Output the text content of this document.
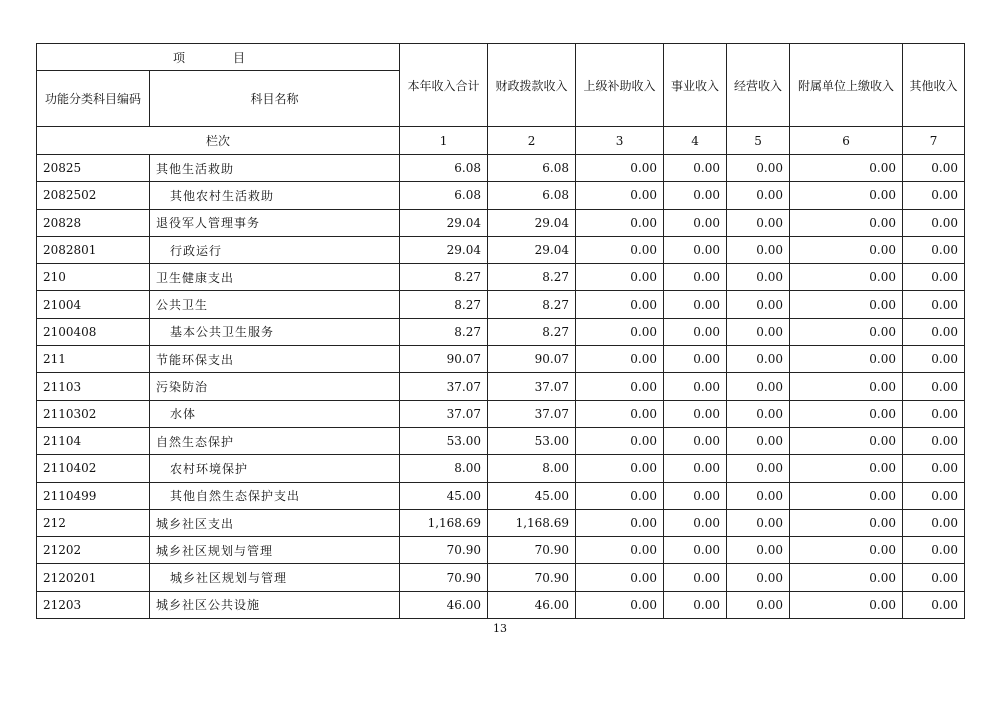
项　目		本年收入合计	财政拨款收入	上级补助收入	事业收入	经营收入	附属单位上缴收入	其他收入
功能分类科目编码	科目名称							
栏次		1	2	3	4	5	6	7
20825	其他生活救助	6.08	6.08	0.00	0.00	0.00	0.00	0.00
2082502	其他农村生活救助	6.08	6.08	0.00	0.00	0.00	0.00	0.00
20828	退役军人管理事务	29.04	29.04	0.00	0.00	0.00	0.00	0.00
2082801	行政运行	29.04	29.04	0.00	0.00	0.00	0.00	0.00
210	卫生健康支出	8.27	8.27	0.00	0.00	0.00	0.00	0.00
21004	公共卫生	8.27	8.27	0.00	0.00	0.00	0.00	0.00
2100408	基本公共卫生服务	8.27	8.27	0.00	0.00	0.00	0.00	0.00
211	节能环保支出	90.07	90.07	0.00	0.00	0.00	0.00	0.00
21103	污染防治	37.07	37.07	0.00	0.00	0.00	0.00	0.00
2110302	水体	37.07	37.07	0.00	0.00	0.00	0.00	0.00
21104	自然生态保护	53.00	53.00	0.00	0.00	0.00	0.00	0.00
2110402	农村环境保护	8.00	8.00	0.00	0.00	0.00	0.00	0.00
2110499	其他自然生态保护支出	45.00	45.00	0.00	0.00	0.00	0.00	0.00
212	城乡社区支出	1,168.69	1,168.69	0.00	0.00	0.00	0.00	0.00
21202	城乡社区规划与管理	70.90	70.90	0.00	0.00	0.00	0.00	0.00
2120201	城乡社区规划与管理	70.90	70.90	0.00	0.00	0.00	0.00	0.00
21203	城乡社区公共设施	46.00	46.00	0.00	0.00	0.00	0.00	0.00
13
